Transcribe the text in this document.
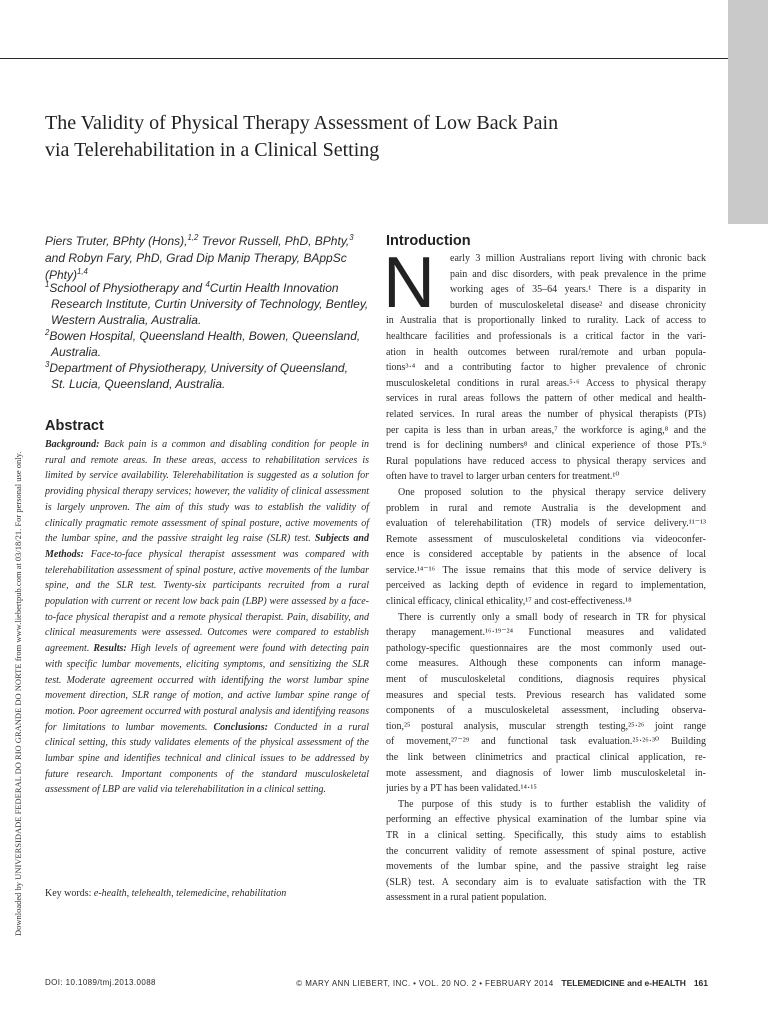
Downloaded by UNIVERSIDADE FEDERAL DO RIO GRANDE DO NORTE from www.liebertpub.com at 03/18/21. For personal use only.
The Validity of Physical Therapy Assessment of Low Back Pain
via Telerehabilitation in a Clinical Setting

Piers Truter, BPhty (Hons),$^{1,2}$ Trevor Russell, PhD, BPhty,$^3$
and Robyn Fary, PhD, Grad Dip Manip Therapy, BAppSc (Phty)$^{1,4}$

$^1$School of Physiotherapy and $^4$Curtin Health Innovation
Research Institute, Curtin University of Technology, Bentley,
Western Australia, Australia.

$^2$Bowen Hospital, Queensland Health, Bowen, Queensland,
Australia.

$^3$Department of Physiotherapy, University of Queensland,
St. Lucia, Queensland, Australia.

Abstract

Background: Back pain is a common and disabling condition for people in rural and remote areas. In these areas, access to rehabilitation services is limited by service availability. Telerehabilitation is suggested as a solution for providing physical therapy services; however, the validity of clinical assessment is largely unproven. The aim of this study was to establish the validity of clinically pragmatic remote assessment of spinal posture, active movements of the lumbar spine, and the passive straight leg raise (SLR) test. Subjects and Methods: Face-to-face physical therapist assessment was compared with telerehabilitation assessment of spinal posture, active movements of the lumbar spine, and the SLR test. Twenty-six participants recruited from a rural population with current or recent low back pain (LBP) were assessed by a face-to-face physical therapist and a remote physical therapist. Pain, disability, and clinical measurements were assessed. Outcomes were compared to establish agreement. Results: High levels of agreement were found with detecting pain with specific lumbar movements, eliciting symptoms, and sensitizing the SLR test. Moderate agreement occurred with identifying the worst lumbar spine movement direction, SLR range of motion, and active lumbar spine range of motion. Poor agreement occurred with postural analysis and identifying reasons for limitations to lumbar movements. Conclusions: Conducted in a rural clinical setting, this study validates elements of the physical assessment of the lumbar spine and identifies technical and clinical issues to be addressed by future research. Important components of the standard musculoskeletal assessment of LBP are valid via telerehabilitation in a clinical setting.

Key words: e-health, telehealth, telemedicine, rehabilitation
Introduction
N early 3 million Australians report living with chronic back
pain and disc disorders, with peak prevalence in the prime
working ages of 35–64 years.¹ There is a disparity in
burden of musculoskeletal disease² and disease chronicity
in Australia that is proportionally linked to rurality. Lack of access to
healthcare facilities and professionals is a critical factor in the vari-
ation in health outcomes between rural/remote and urban popula-
tions³·⁴ and a contributing factor to higher prevalence of chronic
musculoskeletal conditions in rural areas.⁵·⁶ Access to physical therapy
services in rural areas follows the pattern of other medical and health-
related services. In rural areas the number of physical therapists (PTs)
per capita is less than in urban areas,⁷ the workforce is aging,⁸ and the
trend is for declining numbers⁸ and clinical experience of those PTs.⁹
Rural populations have reduced access to physical therapy services and
often have to travel to larger urban centers for treatment.¹⁰
One proposed solution to the physical therapy service delivery
problem in rural and remote Australia is the development and
evaluation of telerehabilitation (TR) models of service delivery.¹¹⁻¹³
Remote assessment of musculoskeletal conditions via videoconfer-
ence is considered acceptable by patients in the absence of local
service.¹⁴⁻¹⁶ The issue remains that this mode of service delivery is
perceived as lacking depth of evidence in regard to implementation,
clinical efficacy, clinical ethicality,¹⁷ and cost-effectiveness.¹⁸
There is currently only a small body of research in TR for physical
therapy management.¹⁶·¹⁹⁻²⁴ Functional measures and validated
pathology-specific questionnaires are the most commonly used out-
come measures. Although these components can inform manage-
ment of musculoskeletal conditions, diagnosis requires physical
measures and special tests. Previous research has validated some
components of a musculoskeletal assessment, including observa-
tion,²⁵ postural analysis, muscular strength testing,²⁵·²⁶ joint range
of movement,²⁷⁻²⁹ and functional task evaluation.²⁵·²⁶·³⁰ Building
the link between clinimetrics and practical clinical application, re-
mote assessment, and diagnosis of lower limb musculoskeletal in-
juries by a PT has been validated.¹⁴·¹⁵
The purpose of this study is to further establish the validity of
performing an effective physical examination of the lumbar spine via
TR in a clinical setting. Specifically, this study aims to establish
the concurrent validity of remote assessment of spinal posture, active
movements of the lumbar spine, and the passive straight leg raise
(SLR) test. A secondary aim is to evaluate satisfaction with the TR
assessment in a rural patient population.
DOI: 10.1089/tmj.2013.0088	© MARY ANN LIEBERT, INC. • VOL. 20 NO. 2 • FEBRUARY 2014 TELEMEDICINE and e-HEALTH 161
